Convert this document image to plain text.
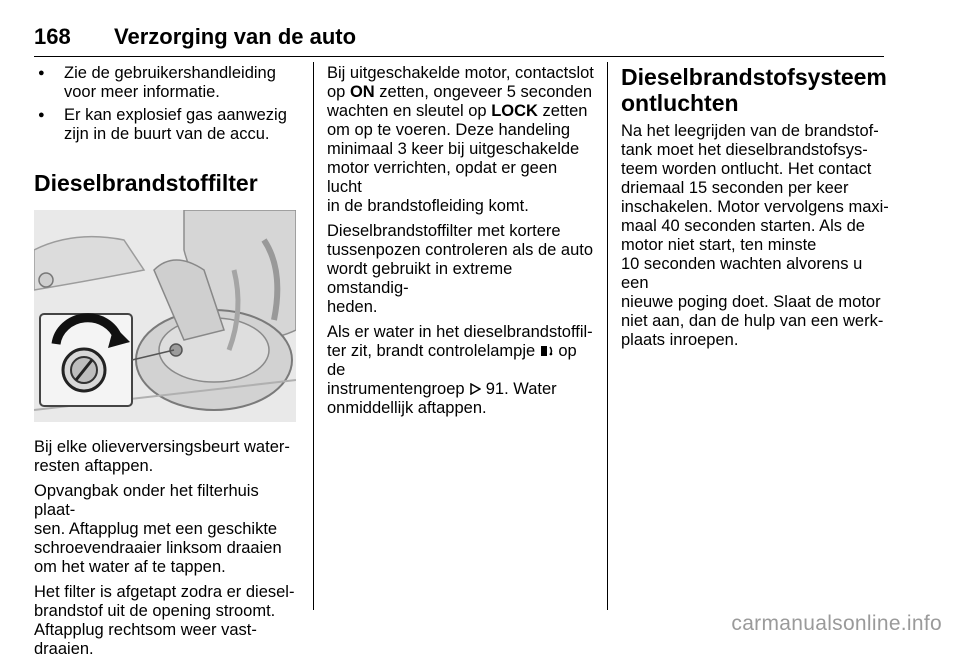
168 Verzorging van de auto
● Zie de gebruikershandleiding
voor meer informatie.
● Er kan explosief gas aanwezig
zijn in de buurt van de accu.
Dieselbrandstoffilter

Bij elke olieverversingsbeurt water-
resten aftappen.

Opvangbak onder het filterhuis plaat-
sen. Aftapplug met een geschikte
schroevendraaier linksom draaien
om het water af te tappen.

Het filter is afgetapt zodra er diesel-
brandstof uit de opening stroomt.
Aftapplug rechtsom weer vast-
draaien.

Bij uitgeschakelde motor, contactslot
op ON zetten, ongeveer 5 seconden
wachten en sleutel op LOCK zetten
om op te voeren. Deze handeling
minimaal 3 keer bij uitgeschakelde
motor verrichten, opdat er geen lucht
in de brandstofleiding komt.

Dieselbrandstoffilter met kortere
tussenpozen controleren als de auto
wordt gebruikt in extreme omstandig-
heden.

Als er water in het dieselbrandstoffil-
ter zit, brandt controlelampje  op de
instrumentengroep  91. Water
onmiddellijk aftappen.

Dieselbrandstofsysteem
ontluchten

Na het leegrijden van de brandstof-
tank moet het dieselbrandstofsys-
teem worden ontlucht. Het contact
driemaal 15 seconden per keer
inschakelen. Motor vervolgens maxi-
maal 40 seconden starten. Als de
motor niet start, ten minste
10 seconden wachten alvorens u een
nieuwe poging doet. Slaat de motor
niet aan, dan de hulp van een werk-
plaats inroepen.

carmanualsonline.info
